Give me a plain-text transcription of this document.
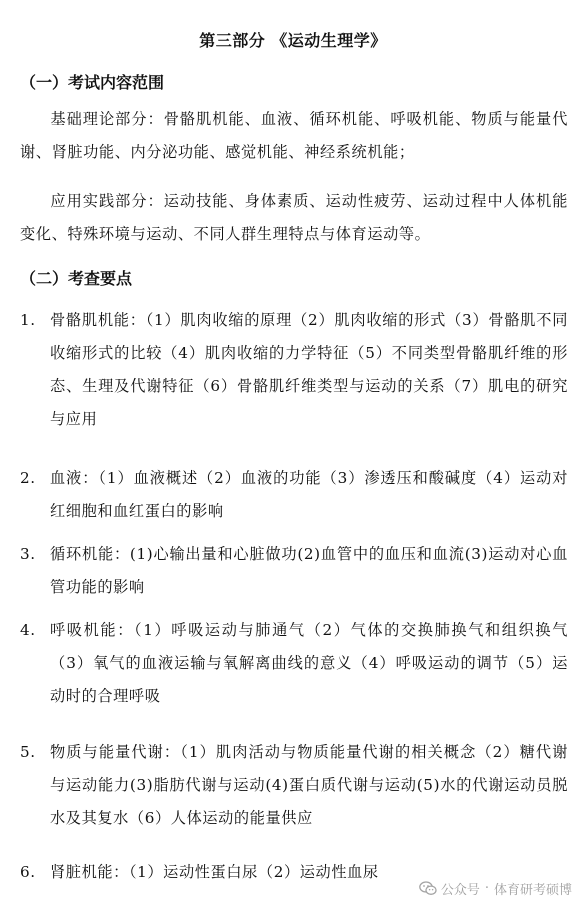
第三部分 《运动生理学》
（一）考试内容范围
基础理论部分：骨骼肌机能、血液、循环机能、呼吸机能、物质与能量代谢、肾脏功能、内分泌功能、感觉机能、神经系统机能；
应用实践部分：运动技能、身体素质、运动性疲劳、运动过程中人体机能变化、特殊环境与运动、不同人群生理特点与体育运动等。
（二）考查要点
1. 骨骼肌机能：（1）肌肉收缩的原理（2）肌肉收缩的形式（3）骨骼肌不同收缩形式的比较（4）肌肉收缩的力学特征（5）不同类型骨骼肌纤维的形态、生理及代谢特征（6）骨骼肌纤维类型与运动的关系（7）肌电的研究与应用
2. 血液：（1）血液概述（2）血液的功能（3）渗透压和酸碱度（4）运动对红细胞和血红蛋白的影响
3. 循环机能：(1)心输出量和心脏做功(2)血管中的血压和血流(3)运动对心血管功能的影响
4. 呼吸机能：（1）呼吸运动与肺通气（2）气体的交换肺换气和组织换气（3）氧气的血液运输与氧解离曲线的意义（4）呼吸运动的调节（5）运动时的合理呼吸
5. 物质与能量代谢：（1）肌肉活动与物质能量代谢的相关概念（2）糖代谢与运动能力(3)脂肪代谢与运动(4)蛋白质代谢与运动(5)水的代谢运动员脱水及其复水（6）人体运动的能量供应
6. 肾脏机能：（1）运动性蛋白尿（2）运动性血尿
公众号 · 体育研考硕博
